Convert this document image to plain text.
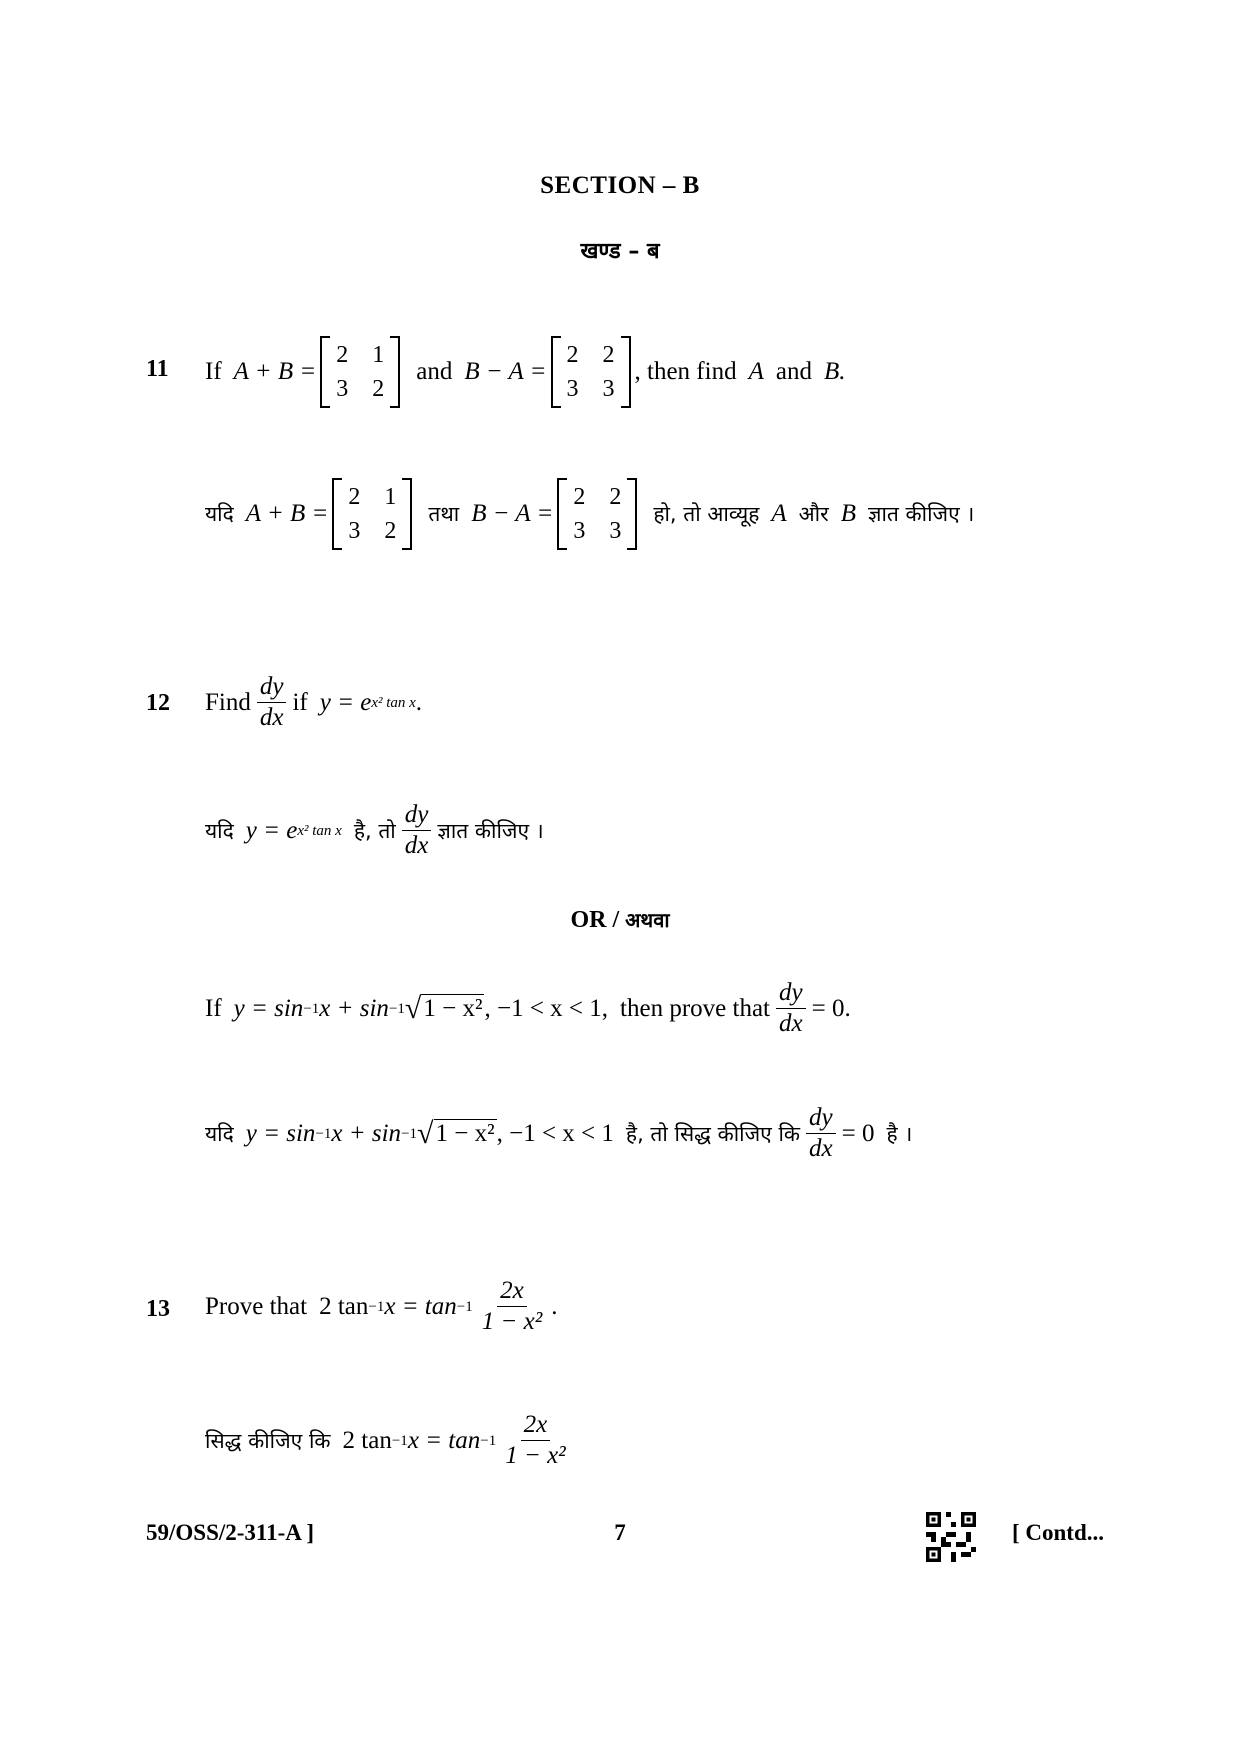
SECTION – B
खण्ड – ब
11 If A + B =
2 1
3 2
and B − A =
2 2
3 3
, then find A and B.
यदि A + B =
2 1
3 2
तथा B − A =
2 2
3 3
हो, तो आव्यूह A और B ज्ञात कीजिए ।
12 Find $\frac{dy}{dx}$ if y = e x² tan x .
यदि y = e x² tan x है, तो $\frac{dy}{dx}$ ज्ञात कीजिए ।
OR / अथवा
If y = sin −1 x + sin −1 √ 1 − x² , −1 < x < 1, then prove that $\frac{dy}{dx} = 0$.
यदि y = sin −1 x + sin −1 √ 1 − x² , −1 < x < 1 है, तो सिद्ध कीजिए कि $\frac{dy}{dx} = 0$ है ।
13 Prove that 2 tan −1 $x = \tan -1 \frac{2x}{\text{1 − x²}}$ .
सिद्ध कीजिए कि 2 tan −1 $x = \tan -1 \frac{2x}{\text{1 − x²}}$
59/OSS/2-311-A ]	7	[ Contd...
